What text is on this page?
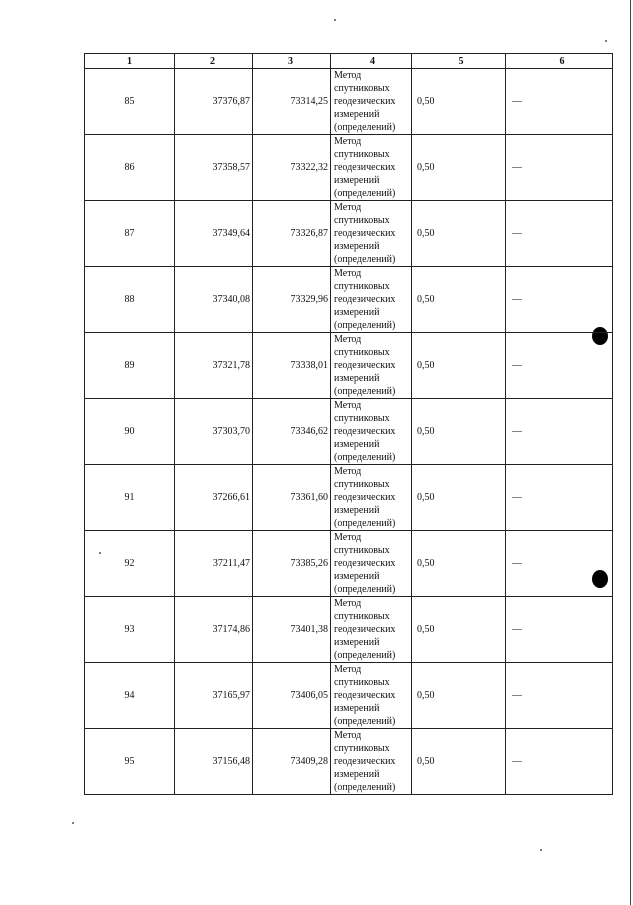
1	2	3	4	5	6
85	37376,87	73314,25	Метод
спутниковых
геодезических
измерений
(определений)	0,50	—
86	37358,57	73322,32	Метод
спутниковых
геодезических
измерений
(определений)	0,50	—
87	37349,64	73326,87	Метод
спутниковых
геодезических
измерений
(определений)	0,50	—
88	37340,08	73329,96	Метод
спутниковых
геодезических
измерений
(определений)	0,50	—
89	37321,78	73338,01	Метод
спутниковых
геодезических
измерений
(определений)	0,50	—
90	37303,70	73346,62	Метод
спутниковых
геодезических
измерений
(определений)	0,50	—
91	37266,61	73361,60	Метод
спутниковых
геодезических
измерений
(определений)	0,50	—
92	37211,47	73385,26	Метод
спутниковых
геодезических
измерений
(определений)	0,50	—
93	37174,86	73401,38	Метод
спутниковых
геодезических
измерений
(определений)	0,50	—
94	37165,97	73406,05	Метод
спутниковых
геодезических
измерений
(определений)	0,50	—
95	37156,48	73409,28	Метод
спутниковых
геодезических
измерений
(определений)	0,50	—
